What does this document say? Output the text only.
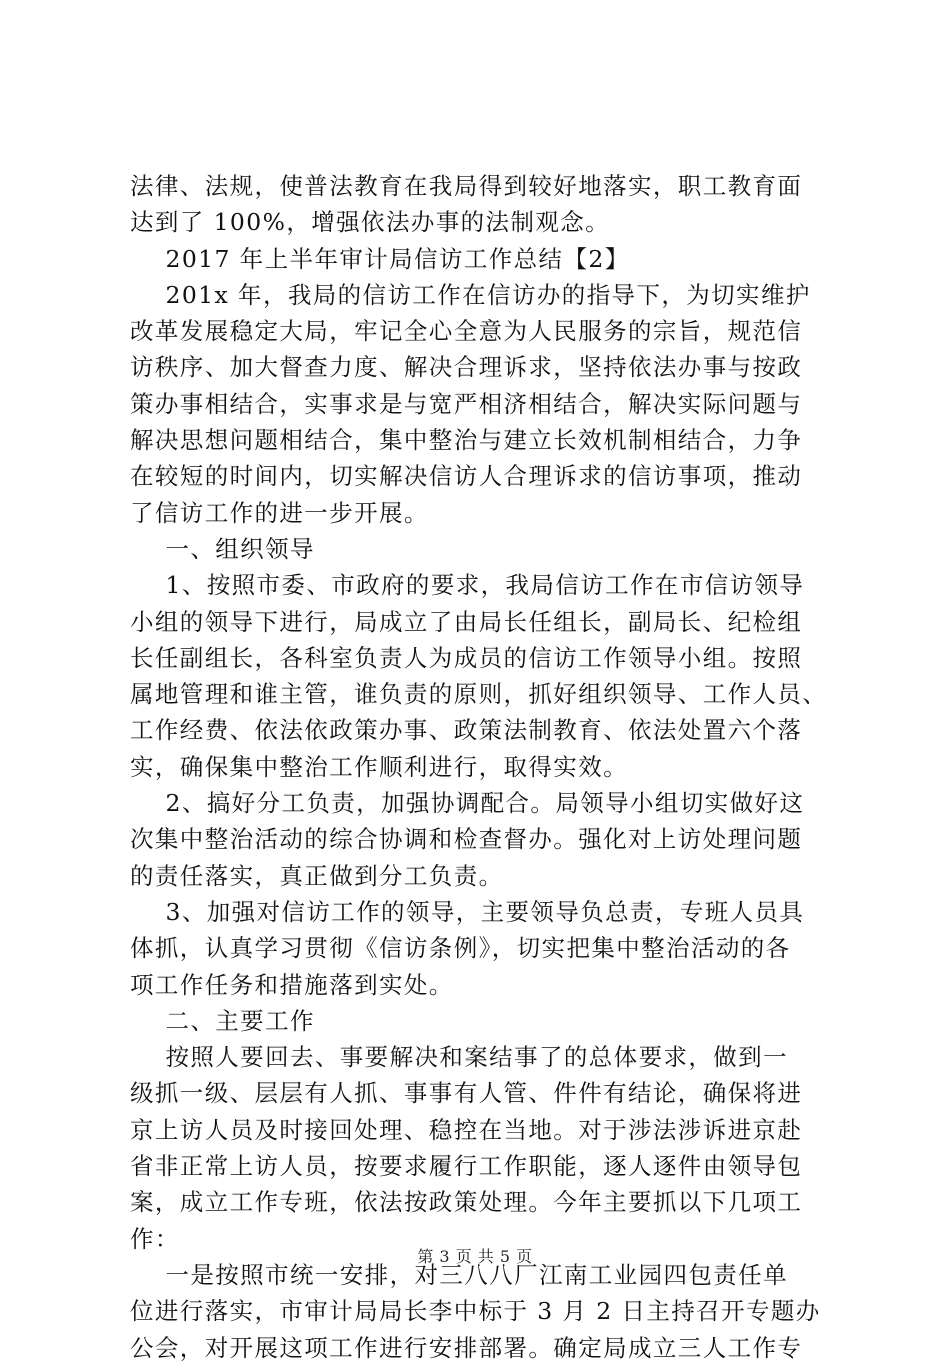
法律、法规，使普法教育在我局得到较好地落实，职工教育面
达到了 100%，增强依法办事的法制观念。
2017 年上半年审计局信访工作总结【2】
201x 年，我局的信访工作在信访办的指导下，为切实维护
改革发展稳定大局，牢记全心全意为人民服务的宗旨，规范信
访秩序、加大督查力度、解决合理诉求，坚持依法办事与按政
策办事相结合，实事求是与宽严相济相结合，解决实际问题与
解决思想问题相结合，集中整治与建立长效机制相结合，力争
在较短的时间内，切实解决信访人合理诉求的信访事项，推动
了信访工作的进一步开展。
一、组织领导
1、按照市委、市政府的要求，我局信访工作在市信访领导
小组的领导下进行，局成立了由局长任组长，副局长、纪检组
长任副组长，各科室负责人为成员的信访工作领导小组。按照
属地管理和谁主管，谁负责的原则，抓好组织领导、工作人员、
工作经费、依法依政策办事、政策法制教育、依法处置六个落
实，确保集中整治工作顺利进行，取得实效。
2、搞好分工负责，加强协调配合。局领导小组切实做好这
次集中整治活动的综合协调和检查督办。强化对上访处理问题
的责任落实，真正做到分工负责。
3、加强对信访工作的领导，主要领导负总责，专班人员具
体抓，认真学习贯彻《信访条例》，切实把集中整治活动的各
项工作任务和措施落到实处。
二、主要工作
按照人要回去、事要解决和案结事了的总体要求，做到一
级抓一级、层层有人抓、事事有人管、件件有结论，确保将进
京上访人员及时接回处理、稳控在当地。对于涉法涉诉进京赴
省非正常上访人员，按要求履行工作职能，逐人逐件由领导包
案，成立工作专班，依法按政策处理。今年主要抓以下几项工
作：
一是按照市统一安排，对三八八厂江南工业园四包责任单
位进行落实，市审计局局长李中标于 3 月 2 日主持召开专题办
公会，对开展这项工作进行安排部署。确定局成立三人工作专
第 3 页 共 5 页
